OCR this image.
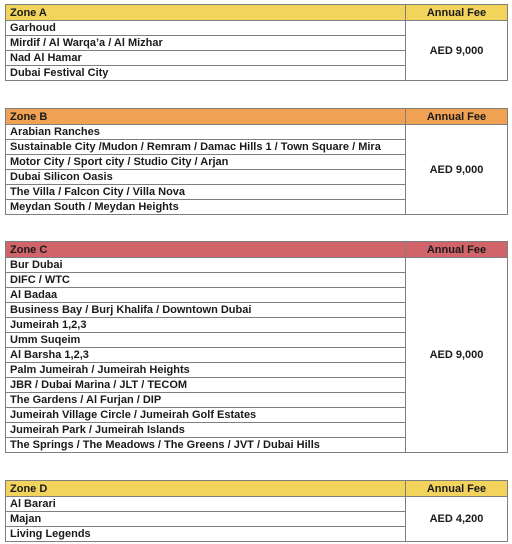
Zone A	Annual Fee
Garhoud	AED 9,000
Mirdif / Al Warqa’a / Al Mizhar	
Nad Al Hamar	
Dubai Festival City	
Zone B	Annual Fee
Arabian Ranches	AED 9,000
Sustainable City /Mudon / Remram / Damac Hills 1 / Town Square / Mira	
Motor City / Sport city / Studio City / Arjan	
Dubai Silicon Oasis	
The Villa / Falcon City / Villa Nova	
Meydan South / Meydan Heights	
Zone C	Annual Fee
Bur Dubai	AED 9,000
DIFC / WTC	
Al Badaa	
Business Bay / Burj Khalifa / Downtown Dubai	
Jumeirah 1,2,3	
Umm Suqeim	
Al Barsha 1,2,3	
Palm Jumeirah / Jumeirah Heights	
JBR / Dubai Marina / JLT / TECOM	
The Gardens / Al Furjan / DIP	
Jumeirah Village Circle / Jumeirah Golf Estates	
Jumeirah Park / Jumeirah Islands	
The Springs / The Meadows / The Greens / JVT / Dubai Hills	
Zone D	Annual Fee
Al Barari	AED 4,200
Majan	
Living Legends	
